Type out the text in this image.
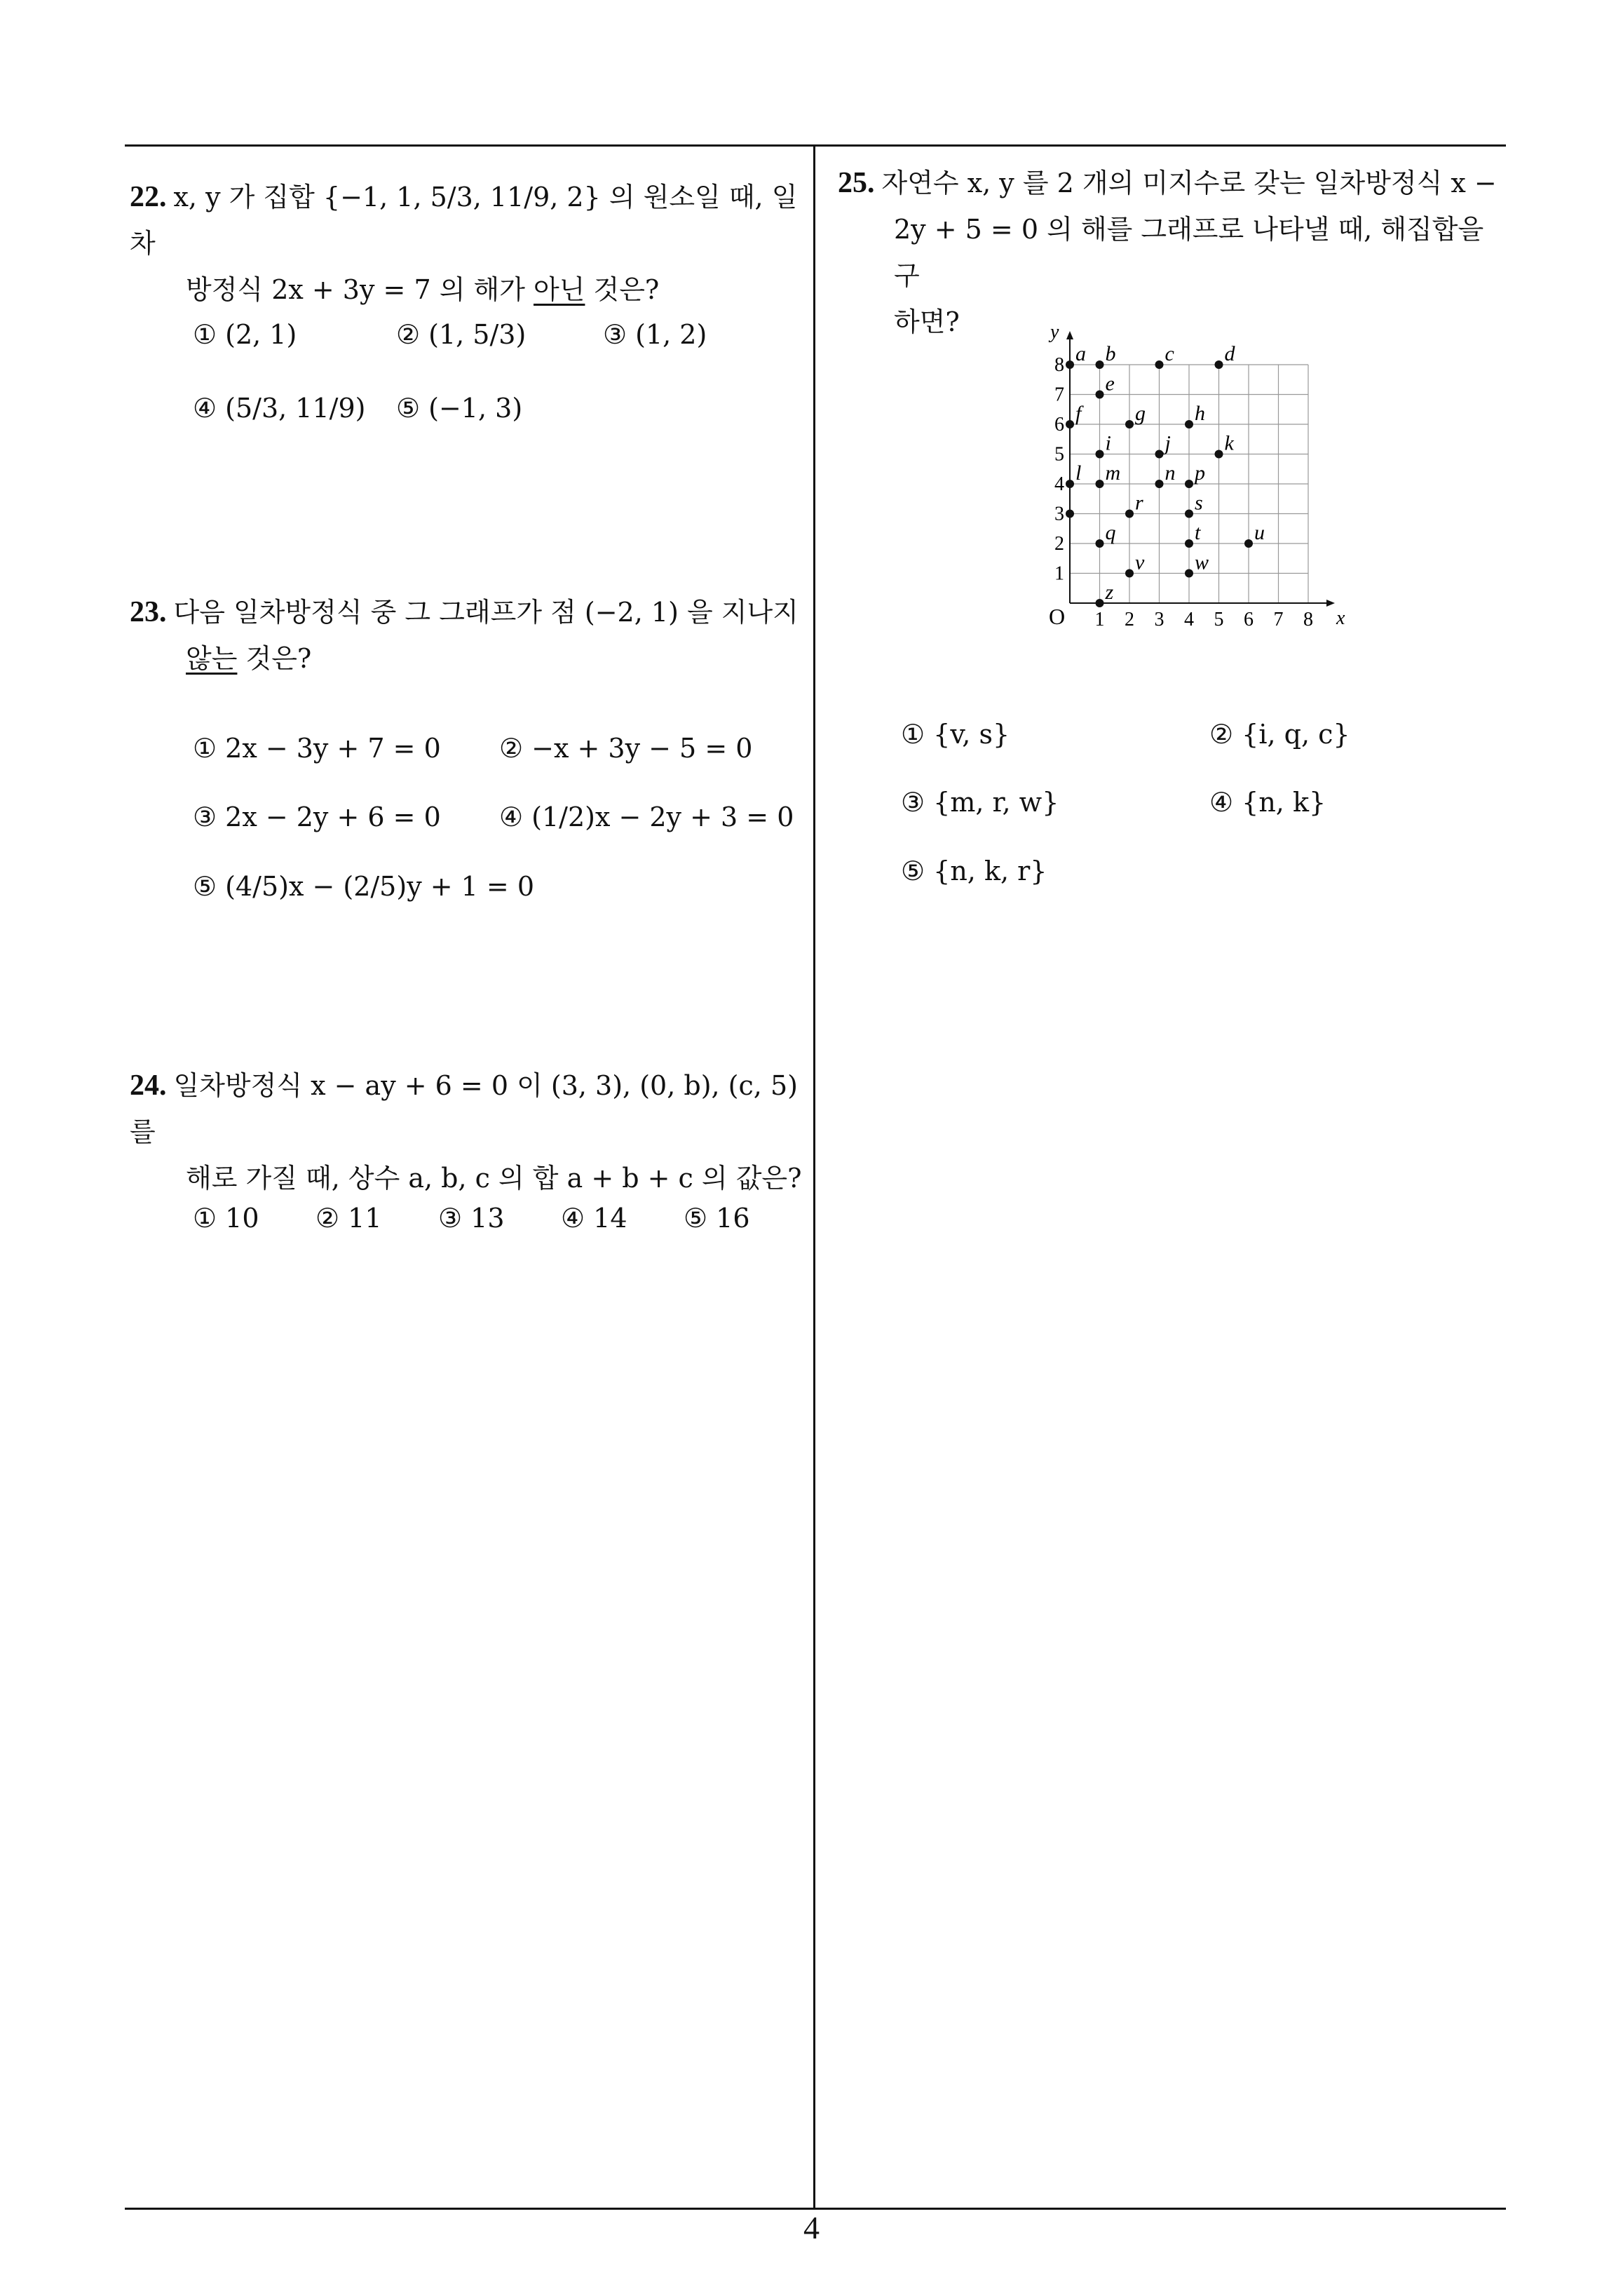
22. x, y 가 집합 {−1, 1, 5/3, 11/9, 2} 의 원소일 때, 일차
방정식 2x + 3y = 7 의 해가 아닌 것은?
① (2, 1)	② (1, 5/3)	③ (1, 2)
④ (5/3, 11/9) ⑤ (−1, 3)
23. 다음 일차방정식 중 그 그래프가 점 (−2, 1) 을 지나지
않는 것은?
① 2x − 3y + 7 = 0 ② −x + 3y − 5 = 0
③ 2x − 2y + 6 = 0 ④ (1/2)x − 2y + 3 = 0
⑤ (4/5)x − (2/5)y + 1 = 0
24. 일차방정식 x − ay + 6 = 0 이 (3, 3), (0, b), (c, 5)를
해로 가질 때, 상수 a, b, c 의 합 a + b + c 의 값은?
① 10 ② 11 ③ 13 ④ 14 ⑤ 16
25. 자연수 x, y 를 2 개의 미지수로 갖는 일차방정식 x −
2y + 5 = 0 의 해를 그래프로 나타낼 때, 해집합을 구
하면?
x
y
O 1 2 3 4 5 6 7 8
1
2
3
4
5
6
7
8 a b c d
e
f	g h
i	j	k
l m n p
r s
q	t	u
v w
z
① {v, s}	② {i, q, c}
③ {m, r, w}	④ {n, k}
⑤ {n, k, r}
4
